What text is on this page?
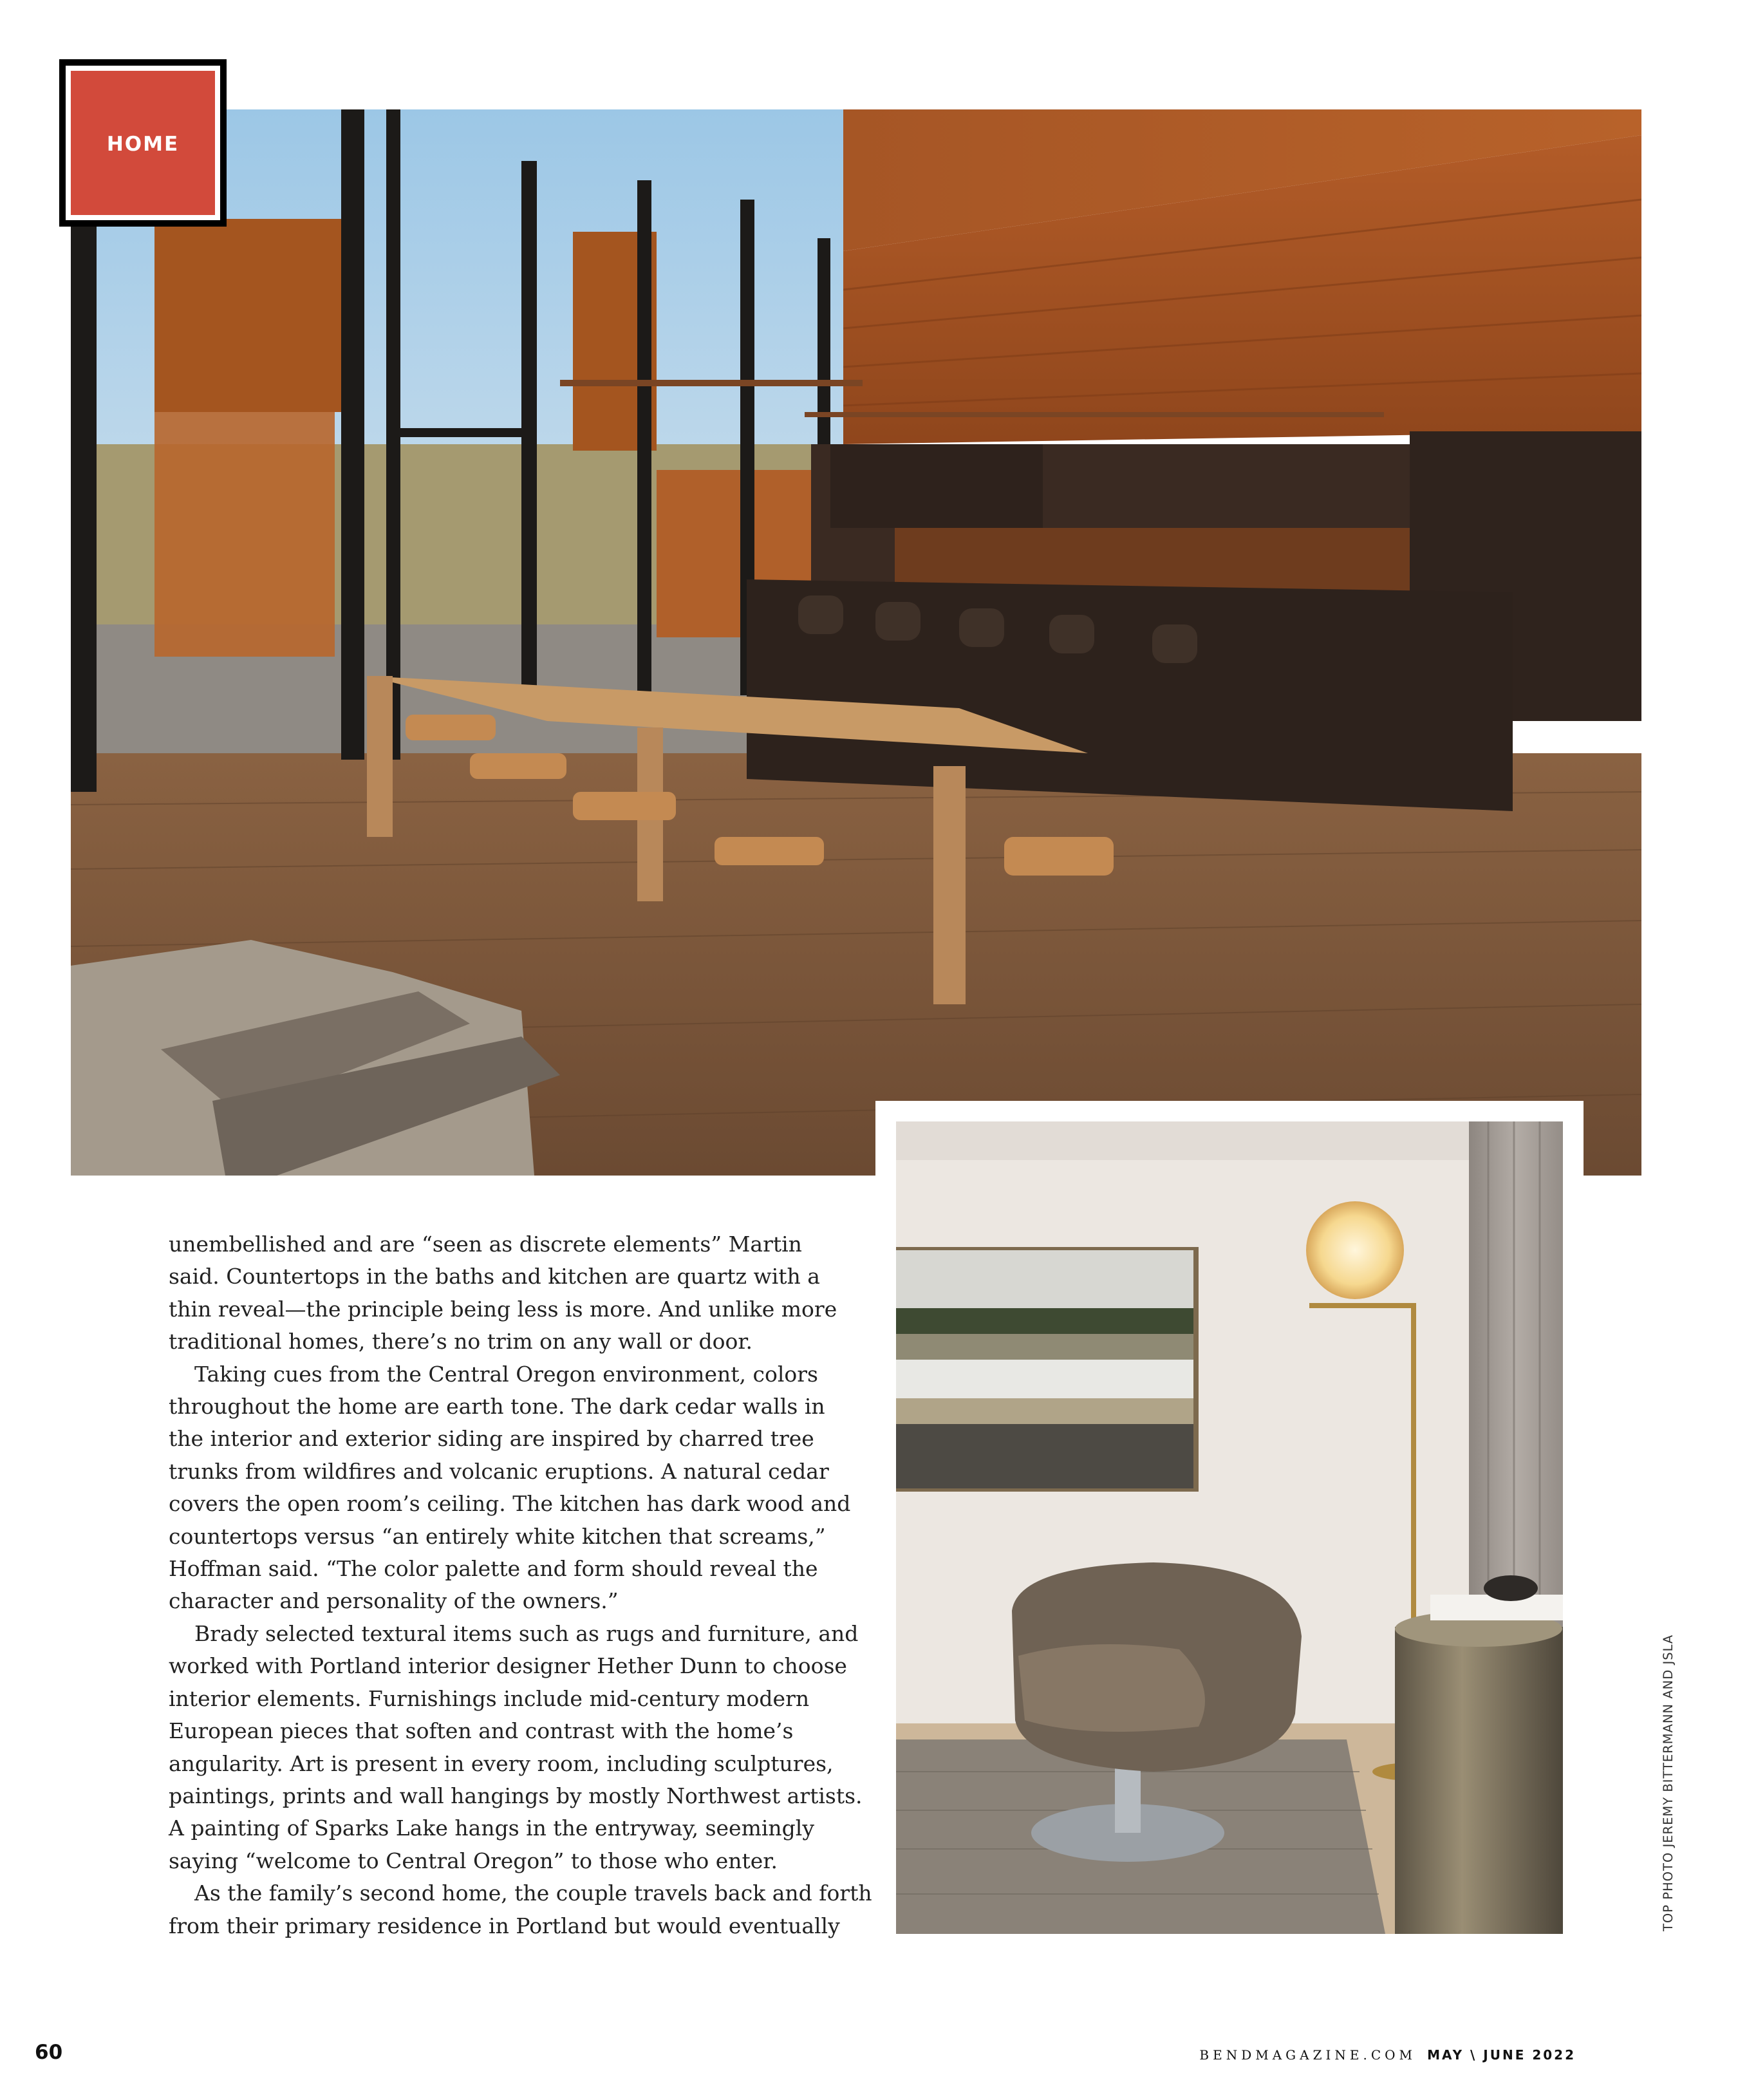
HOME

unembellished and are “seen as discrete elements” Martin
said. Countertops in the baths and kitchen are quartz with a
thin reveal—the principle being less is more. And unlike more
traditional homes, there’s no trim on any wall or door.

Taking cues from the Central Oregon environment, colors
throughout the home are earth tone. The dark cedar walls in
the interior and exterior siding are inspired by charred tree
trunks from wildfires and volcanic eruptions. A natural cedar
covers the open room’s ceiling. The kitchen has dark wood and
countertops versus “an entirely white kitchen that screams,”
Hoffman said. “The color palette and form should reveal the
character and personality of the owners.”

Brady selected textural items such as rugs and furniture, and
worked with Portland interior designer Hether Dunn to choose
interior elements. Furnishings include mid-century modern
European pieces that soften and contrast with the home’s
angularity. Art is present in every room, including sculptures,
paintings, prints and wall hangings by mostly Northwest artists.
A painting of Sparks Lake hangs in the entryway, seemingly
saying “welcome to Central Oregon” to those who enter.

As the family’s second home, the couple travels back and forth
from their primary residence in Portland but would eventually	TOP PHOTO JEREMY BITTERMANN AND JSLA
60	BENDMAGAZINE.COM MAY \ JUNE 2022
